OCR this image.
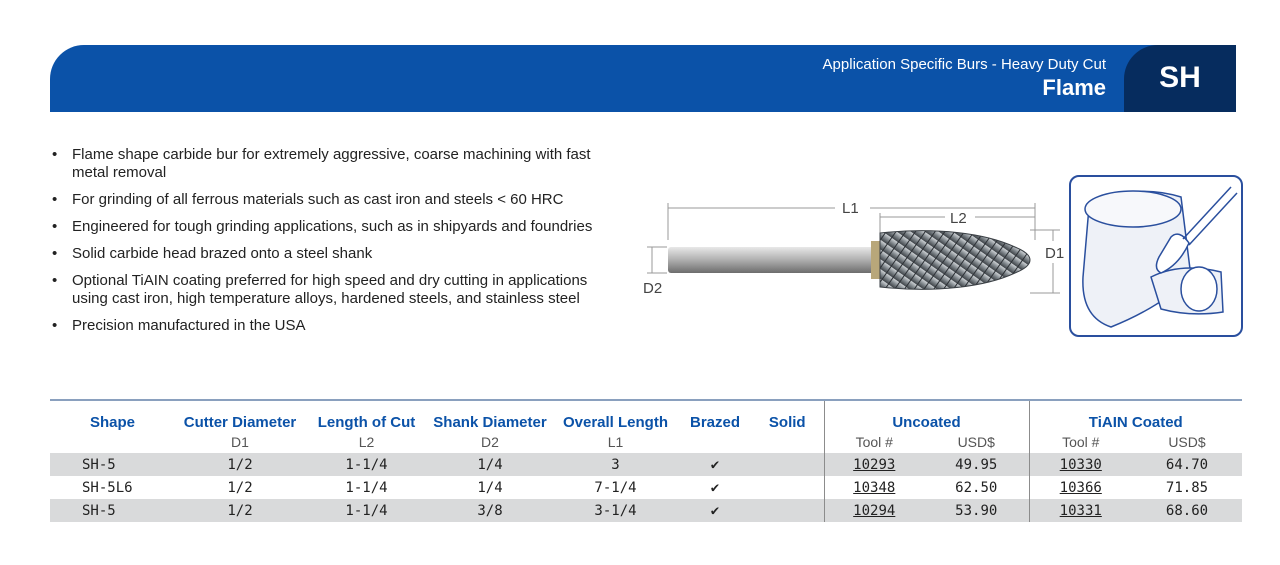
Application Specific Burs - Heavy Duty Cut
Flame	SH
• Flame shape carbide bur for extremely aggressive, coarse machining with fast metal removal
• For grinding of all ferrous materials such as cast iron and steels < 60 HRC
• Engineered for tough grinding applications, such as in shipyards and foundries
• Solid carbide head brazed onto a steel shank
• Optional TiAIN coating preferred for high speed and dry cutting in applications using cast iron, high temperature alloys, hardened steels, and stainless steel
• Precision manufactured in the USA
L1
L2
D1
D2

Shape	Cutter Diameter	Length of Cut	Shank Diameter	Overall Length	Brazed	Solid	Uncoated		TiAIN Coated	
	D1	L2	D2	L1			Tool #	USD$	Tool #	USD$
SH-5	1/2	1-1/4	1/4	3	✔		10293	49.95	10330	64.70
SH-5L6	1/2	1-1/4	1/4	7-1/4	✔		10348	62.50	10366	71.85
SH-5	1/2	1-1/4	3/8	3-1/4	✔		10294	53.90	10331	68.60
